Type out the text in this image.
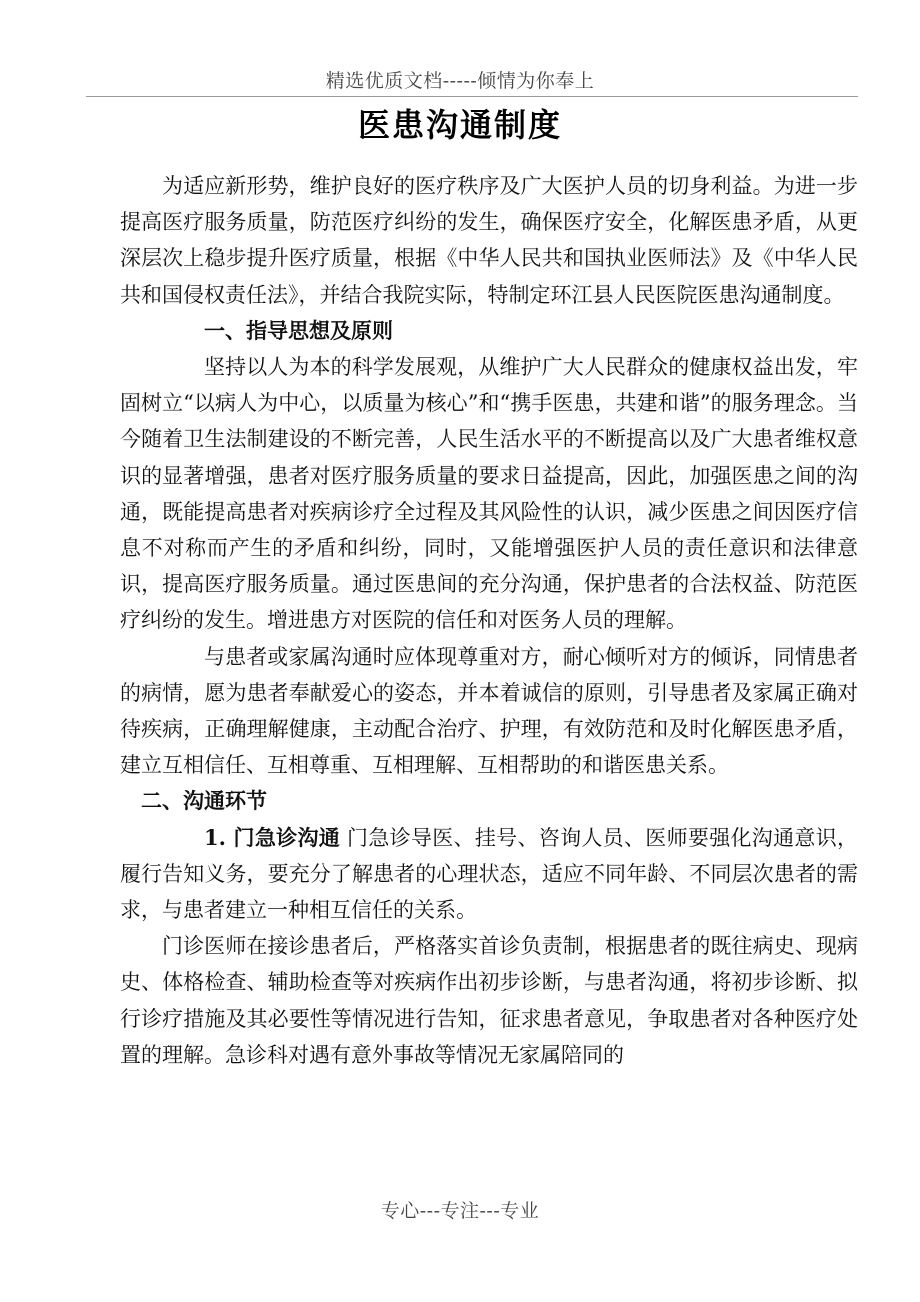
精选优质文档-----倾情为你奉上
医患沟通制度

为适应新形势，维护良好的医疗秩序及广大医护人员的切身利益。为进一步提高医疗服务质量，防范医疗纠纷的发生，确保医疗安全，化解医患矛盾，从更深层次上稳步提升医疗质量，根据《中华人民共和国执业医师法》及《中华人民共和国侵权责任法》，并结合我院实际，特制定环江县人民医院医患沟通制度。

一、指导思想及原则

坚持以人为本的科学发展观，从维护广大人民群众的健康权益出发，牢固树立“以病人为中心，以质量为核心”和“携手医患，共建和谐”的服务理念。当今随着卫生法制建设的不断完善，人民生活水平的不断提高以及广大患者维权意识的显著增强，患者对医疗服务质量的要求日益提高，因此，加强医患之间的沟通，既能提高患者对疾病诊疗全过程及其风险性的认识，减少医患之间因医疗信息不对称而产生的矛盾和纠纷，同时，又能增强医护人员的责任意识和法律意识，提高医疗服务质量。通过医患间的充分沟通，保护患者的合法权益、防范医疗纠纷的发生。增进患方对医院的信任和对医务人员的理解。

与患者或家属沟通时应体现尊重对方，耐心倾听对方的倾诉，同情患者的病情，愿为患者奉献爱心的姿态，并本着诚信的原则，引导患者及家属正确对待疾病，正确理解健康，主动配合治疗、护理，有效防范和及时化解医患矛盾，建立互相信任、互相尊重、互相理解、互相帮助的和谐医患关系。

二、沟通环节

1. 门急诊沟通 门急诊导医、挂号、咨询人员、医师要强化沟通意识，履行告知义务，要充分了解患者的心理状态，适应不同年龄、不同层次患者的需求，与患者建立一种相互信任的关系。

门诊医师在接诊患者后，严格落实首诊负责制，根据患者的既往病史、现病史、体格检查、辅助检查等对疾病作出初步诊断，与患者沟通，将初步诊断、拟行诊疗措施及其必要性等情况进行告知，征求患者意见，争取患者对各种医疗处置的理解。急诊科对遇有意外事故等情况无家属陪同的

专心---专注---专业
